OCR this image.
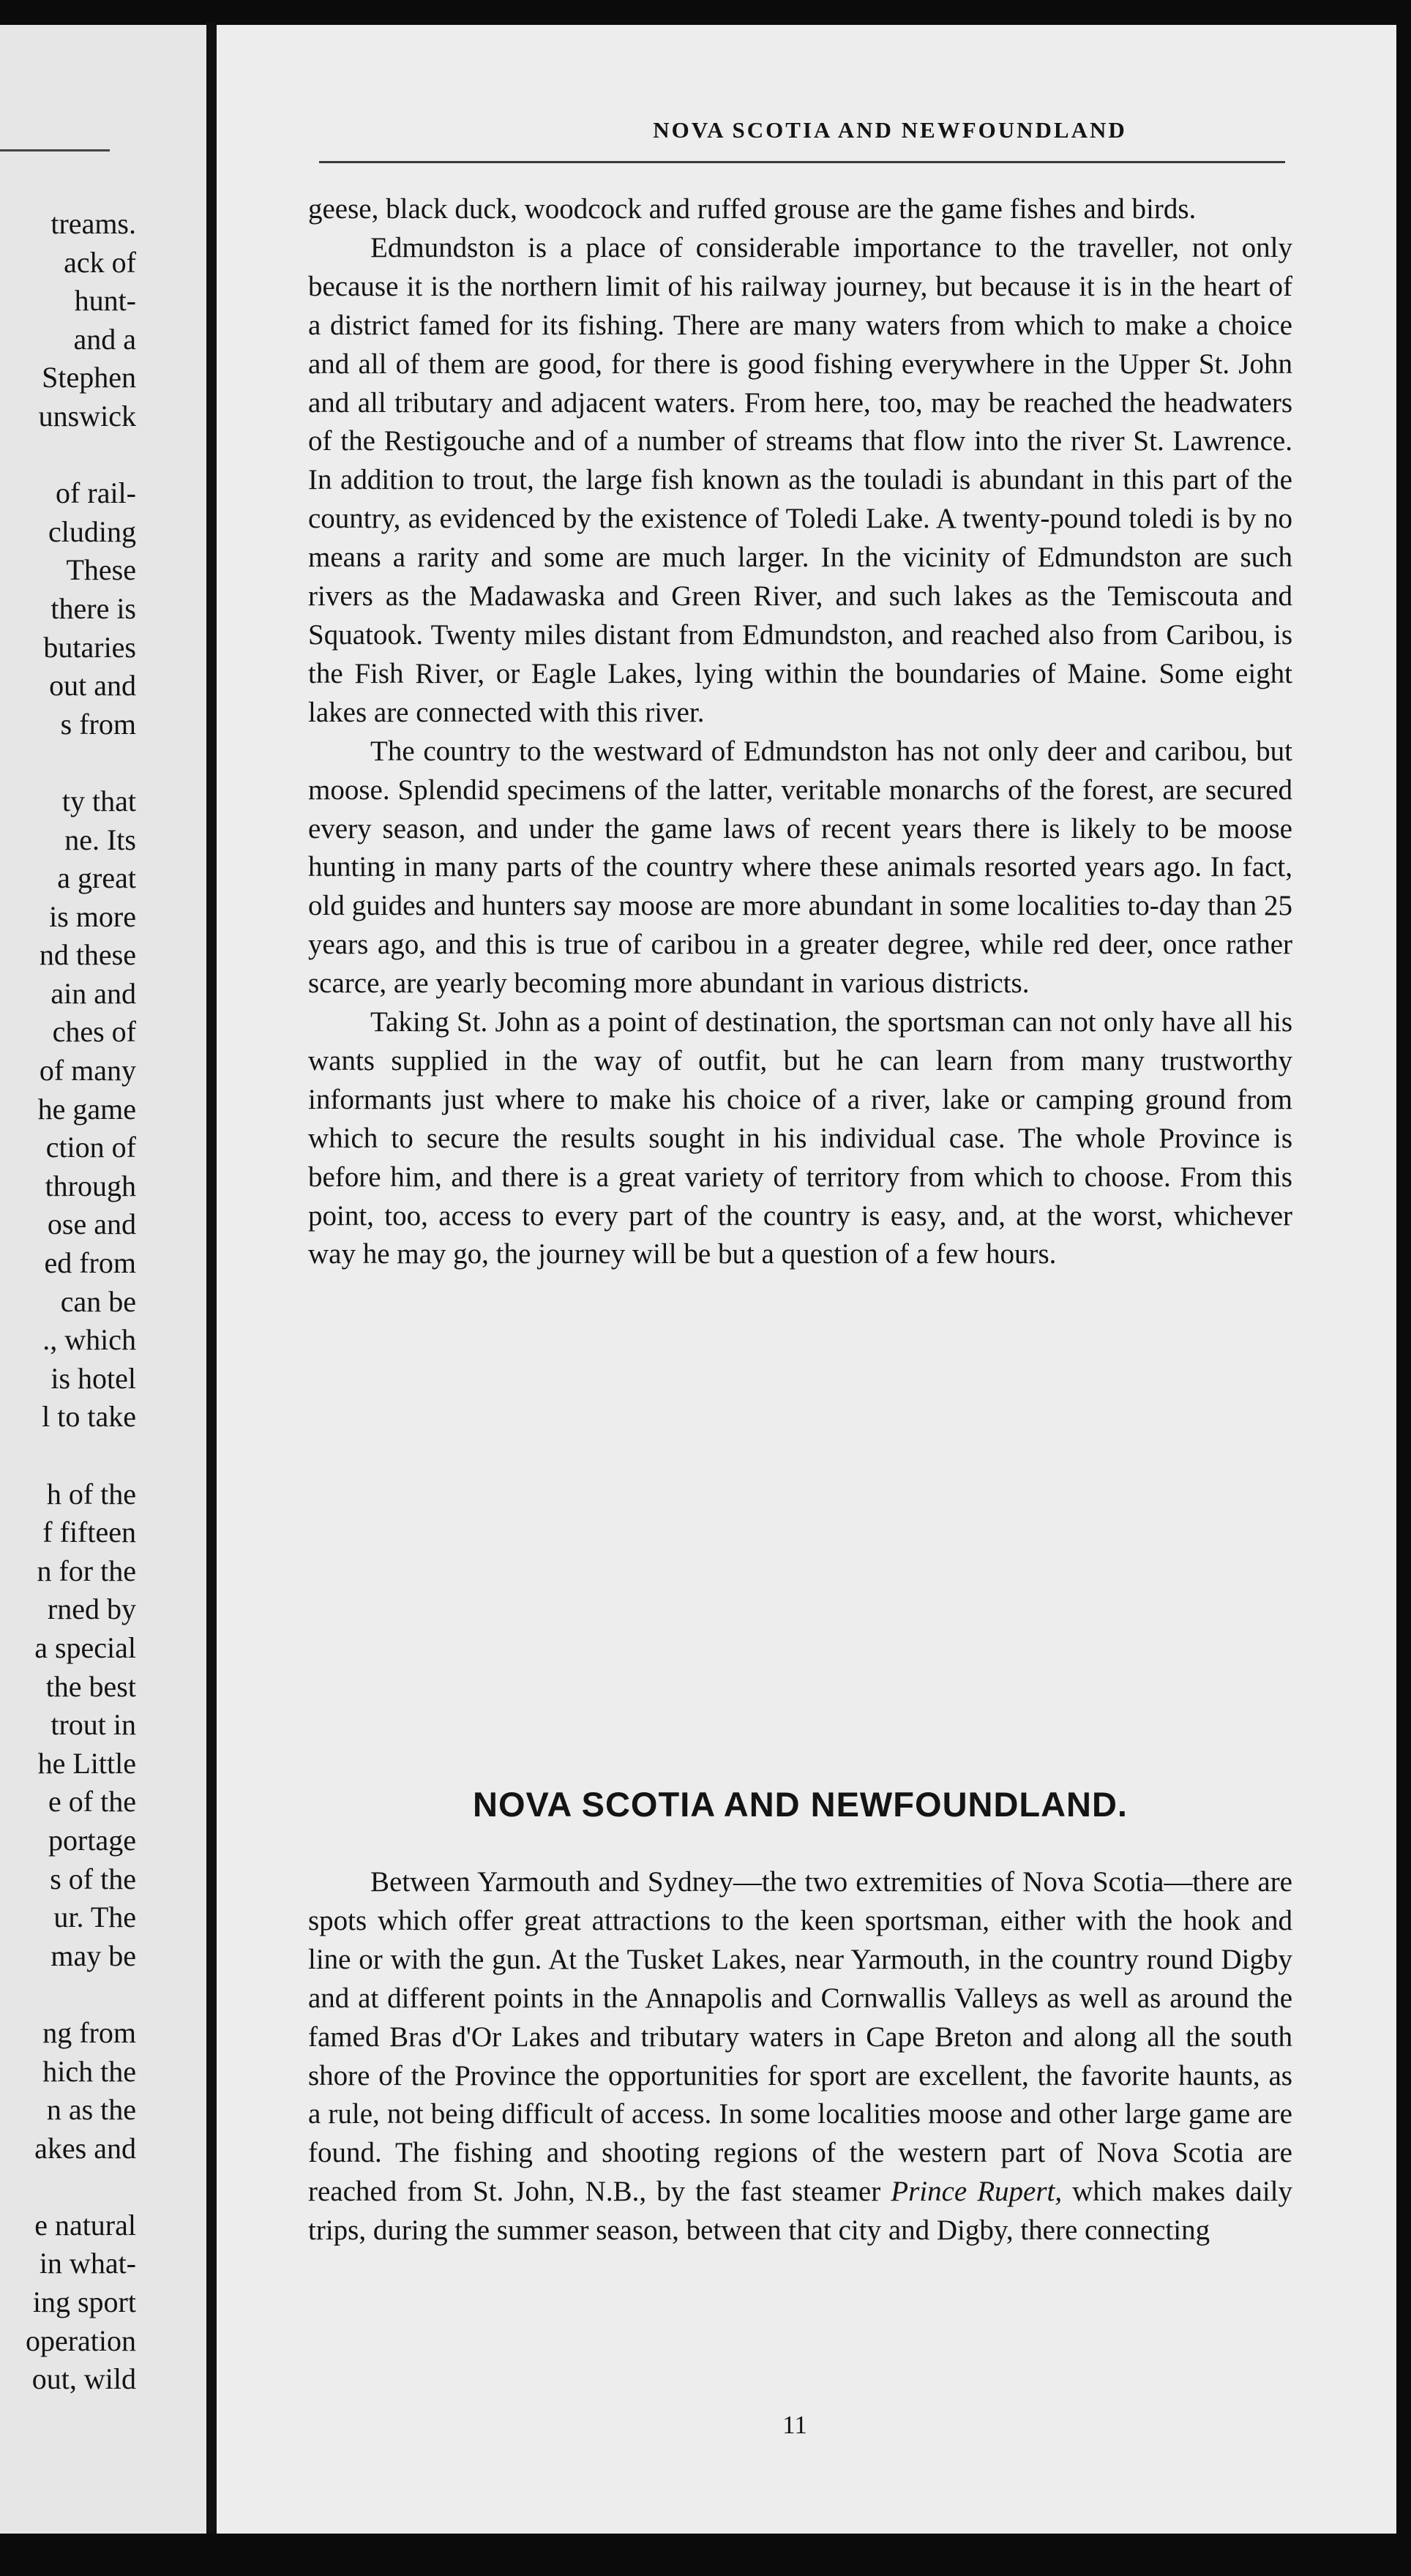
treams.
ack of
hunt-
and a
Stephen
unswick
of rail-
cluding
These
there is
butaries
out and
s from
ty that
ne. Its
a great
is more
nd these
ain and
ches of
of many
he game
ction of
through
ose and
ed from
can be
., which
is hotel
l to take
h of the
f fifteen
n for the
rned by
a special
the best
trout in
he Little
e of the
portage
s of the
ur. The
may be
ng from
hich the
n as the
akes and
e natural
in what-
ing sport
operation
out, wild
NOVA SCOTIA AND NEWFOUNDLAND

geese, black duck, woodcock and ruffed grouse are the game fishes and birds.

Edmundston is a place of considerable importance to the traveller, not only because it is the northern limit of his railway journey, but because it is in the heart of a district famed for its fishing. There are many waters from which to make a choice and all of them are good, for there is good fishing everywhere in the Upper St. John and all tributary and adjacent waters. From here, too, may be reached the headwaters of the Restigouche and of a number of streams that flow into the river St. Lawrence. In addition to trout, the large fish known as the touladi is abundant in this part of the country, as evidenced by the existence of Toledi Lake. A twenty-pound toledi is by no means a rarity and some are much larger. In the vicinity of Edmundston are such rivers as the Madawaska and Green River, and such lakes as the Temiscouta and Squatook. Twenty miles distant from Edmundston, and reached also from Caribou, is the Fish River, or Eagle Lakes, lying within the boundaries of Maine. Some eight lakes are connected with this river.

The country to the westward of Edmundston has not only deer and caribou, but moose. Splendid specimens of the latter, veritable monarchs of the forest, are secured every season, and under the game laws of recent years there is likely to be moose hunting in many parts of the country where these animals resorted years ago. In fact, old guides and hunters say moose are more abundant in some localities to-day than 25 years ago, and this is true of caribou in a greater degree, while red deer, once rather scarce, are yearly becoming more abundant in various districts.

Taking St. John as a point of destination, the sportsman can not only have all his wants supplied in the way of outfit, but he can learn from many trustworthy informants just where to make his choice of a river, lake or camping ground from which to secure the results sought in his individual case. The whole Province is before him, and there is a great variety of territory from which to choose. From this point, too, access to every part of the country is easy, and, at the worst, whichever way he may go, the journey will be but a question of a few hours.

NOVA SCOTIA AND NEWFOUNDLAND.

Between Yarmouth and Sydney—the two extremities of Nova Scotia—there are spots which offer great attractions to the keen sportsman, either with the hook and line or with the gun. At the Tusket Lakes, near Yarmouth, in the country round Digby and at different points in the Annapolis and Cornwallis Valleys as well as around the famed Bras d'Or Lakes and tributary waters in Cape Breton and along all the south shore of the Province the opportunities for sport are excellent, the favorite haunts, as a rule, not being difficult of access. In some localities moose and other large game are found. The fishing and shooting regions of the western part of Nova Scotia are reached from St. John, N.B., by the fast steamer Prince Rupert, which makes daily trips, during the summer season, between that city and Digby, there connecting

11
